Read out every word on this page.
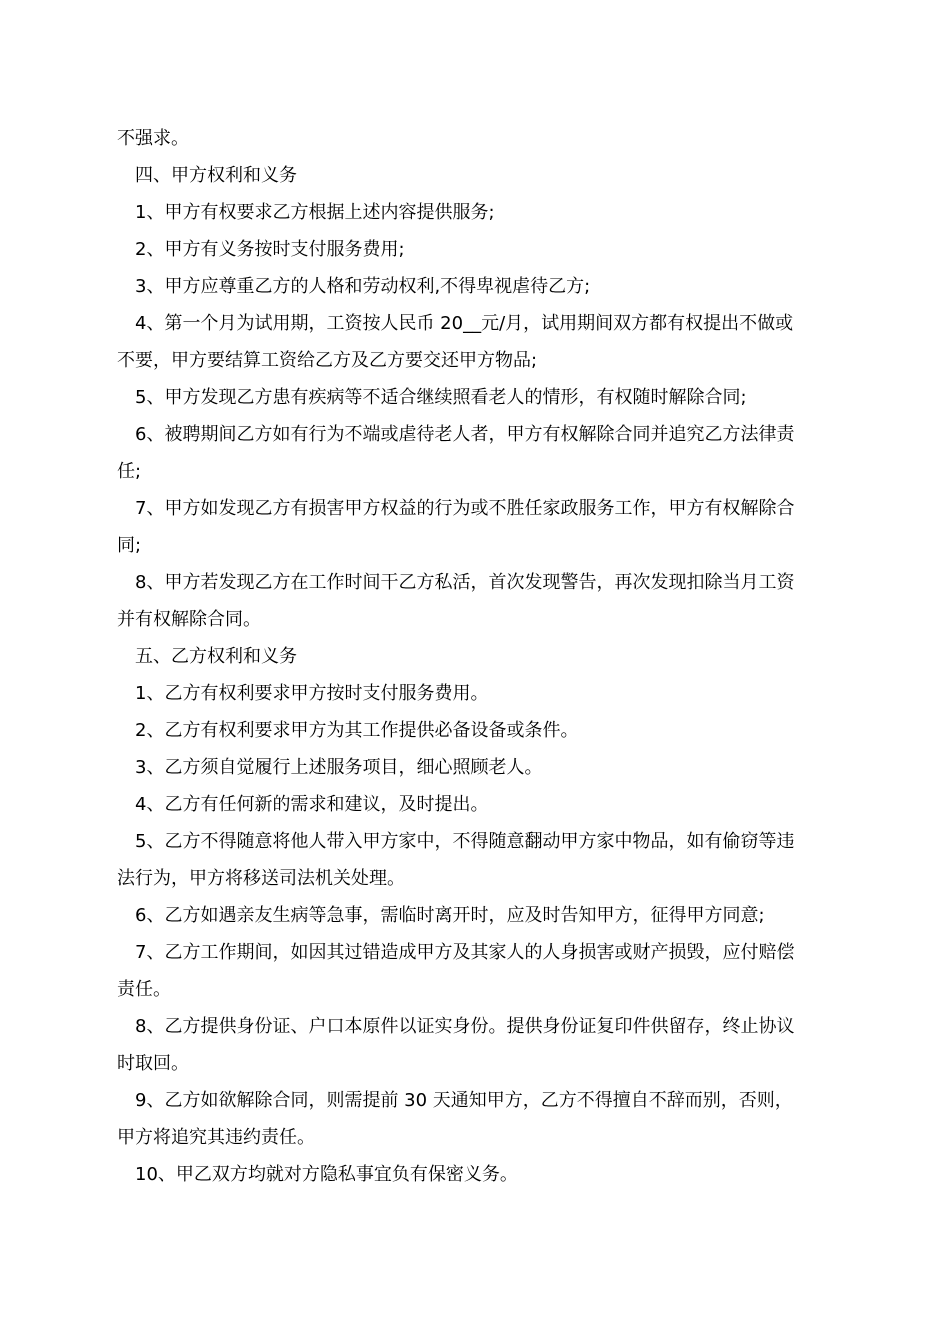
不强求。
四、甲方权利和义务
1、甲方有权要求乙方根据上述内容提供服务;
2、甲方有义务按时支付服务费用;
3、甲方应尊重乙方的人格和劳动权利,不得卑视虐待乙方;
4、第一个月为试用期，工资按人民币 20__元/月，试用期间双方都有权提出不做或
不要，甲方要结算工资给乙方及乙方要交还甲方物品;
5、甲方发现乙方患有疾病等不适合继续照看老人的情形，有权随时解除合同;
6、被聘期间乙方如有行为不端或虐待老人者，甲方有权解除合同并追究乙方法律责
任;
7、甲方如发现乙方有损害甲方权益的行为或不胜任家政服务工作，甲方有权解除合
同;
8、甲方若发现乙方在工作时间干乙方私活，首次发现警告，再次发现扣除当月工资
并有权解除合同。
五、乙方权利和义务
1、乙方有权利要求甲方按时支付服务费用。
2、乙方有权利要求甲方为其工作提供必备设备或条件。
3、乙方须自觉履行上述服务项目，细心照顾老人。
4、乙方有任何新的需求和建议，及时提出。
5、乙方不得随意将他人带入甲方家中，不得随意翻动甲方家中物品，如有偷窃等违
法行为，甲方将移送司法机关处理。
6、乙方如遇亲友生病等急事，需临时离开时，应及时告知甲方，征得甲方同意;
7、乙方工作期间，如因其过错造成甲方及其家人的人身损害或财产损毁，应付赔偿
责任。
8、乙方提供身份证、户口本原件以证实身份。提供身份证复印件供留存，终止协议
时取回。
9、乙方如欲解除合同，则需提前 30 天通知甲方，乙方不得擅自不辞而别，否则，
甲方将追究其违约责任。
10、甲乙双方均就对方隐私事宜负有保密义务。
